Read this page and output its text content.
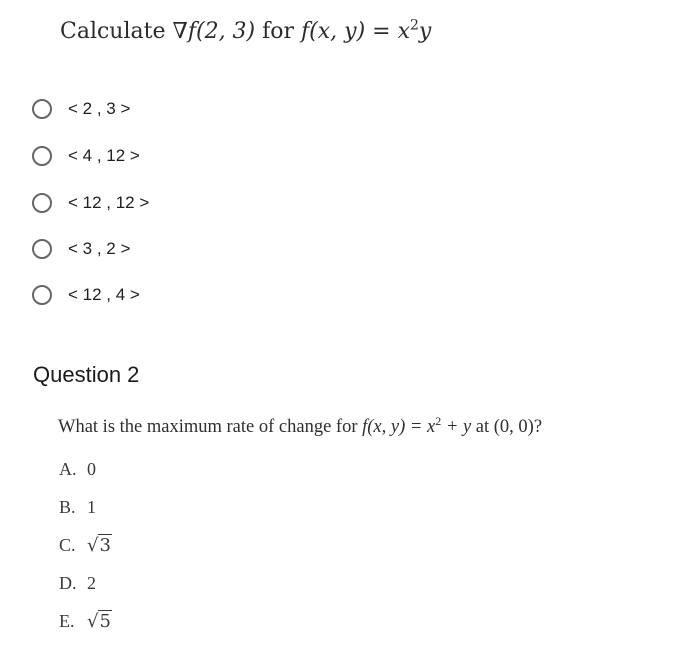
Calculate ∇f(2, 3) for f(x, $y) = x^2y$
< 2 , 3 >
< 4 , 12 >
< 12 , 12 >
< 3 , 2 >
< 12 , 4 >
Question 2
What is the maximum rate of change for f(x, $y) = x^2 + y$ at (0, 0)?
A. 0
B. 1
C. √3
D. 2
E. √5
